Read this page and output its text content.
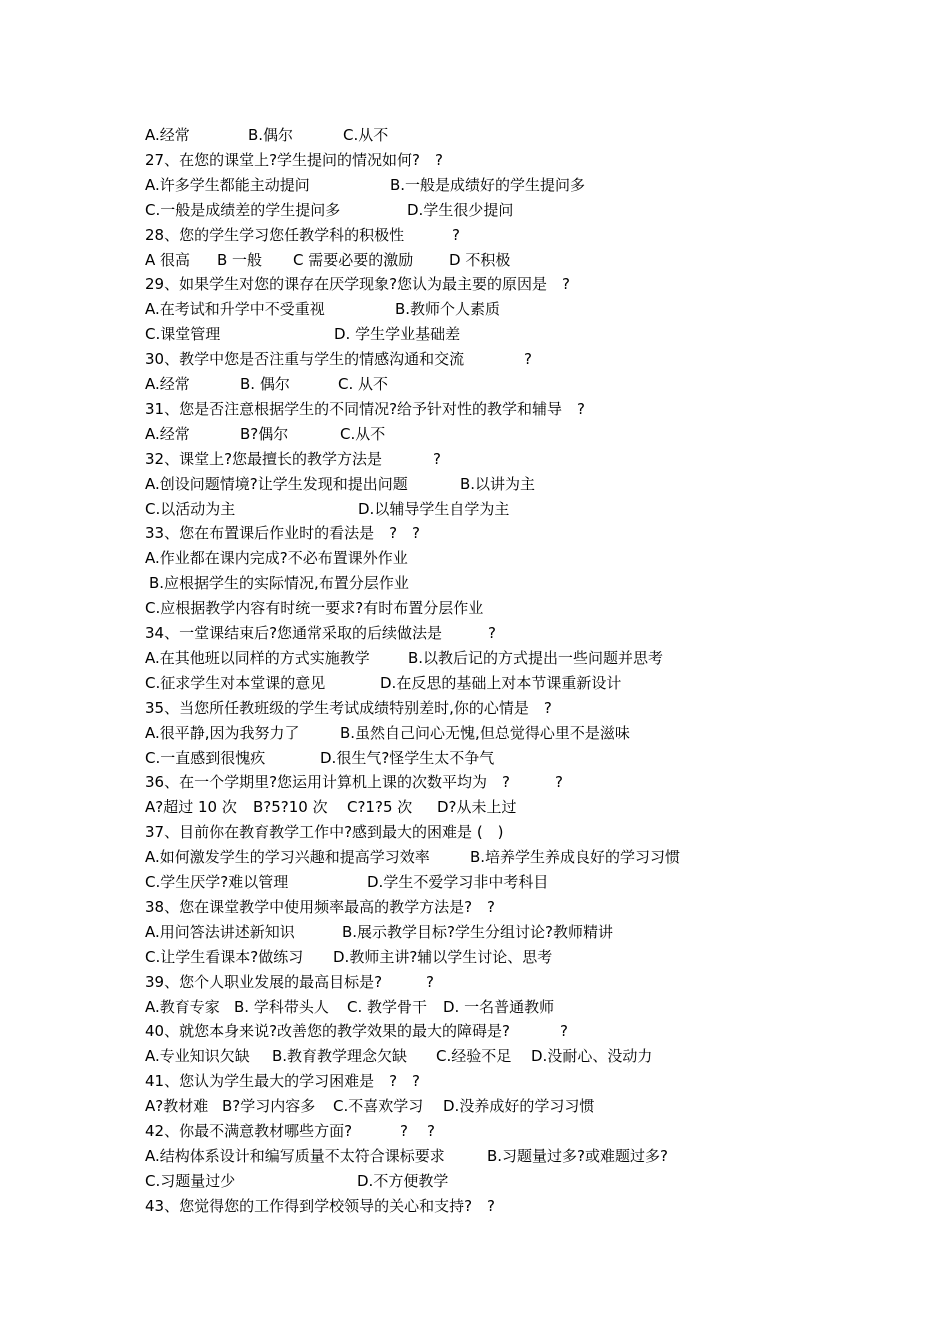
A.经常	B.偶尔	C.从不
27、在您的课堂上?学生提问的情况如何?　?
A.许多学生都能主动提问	B.一般是成绩好的学生提问多
C.一般是成绩差的学生提问多	D.学生很少提问
28、您的学生学习您任教学科的积极性	?
A 很高 B 一般 C 需要必要的激励 D 不积极
29、如果学生对您的课存在厌学现象?您认为最主要的原因是　?
A.在考试和升学中不受重视	B.教师个人素质
C.课堂管理	D. 学生学业基础差
30、教学中您是否注重与学生的情感沟通和交流	?
A.经常	B. 偶尔	C. 从不
31、您是否注意根据学生的不同情况?给予针对性的教学和辅导　?
A.经常	B?偶尔	C.从不
32、课堂上?您最擅长的教学方法是	?
A.创设问题情境?让学生发现和提出问题	B.以讲为主
C.以活动为主	D.以辅导学生自学为主
33、您在布置课后作业时的看法是　?　?
A.作业都在课内完成?不必布置课外作业
B.应根据学生的实际情况,布置分层作业
C.应根据教学内容有时统一要求?有时布置分层作业
34、一堂课结束后?您通常采取的后续做法是	?
A.在其他班以同样的方式实施教学	B.以教后记的方式提出一些问题并思考
C.征求学生对本堂课的意见	D.在反思的基础上对本节课重新设计
35、当您所任教班级的学生考试成绩特别差时,你的心情是　?
A.很平静,因为我努力了	B.虽然自己问心无愧,但总觉得心里不是滋味
C.一直感到很愧疚	D.很生气?怪学生太不争气
36、在一个学期里?您运用计算机上课的次数平均为　?	?
A?超过 10 次 B?5?10 次 C?1?5 次 D?从未上过
37、目前你在教育教学工作中?感到最大的困难是 (　)
A.如何激发学生的学习兴趣和提高学习效率	B.培养学生养成良好的学习习惯
C.学生厌学?难以管理	D.学生不爱学习非中考科目
38、您在课堂教学中使用频率最高的教学方法是?　?
A.用问答法讲述新知识	B.展示教学目标?学生分组讨论?教师精讲
C.让学生看课本?做练习 D.教师主讲?辅以学生讨论、思考
39、您个人职业发展的最高目标是?	?
A.教育专家 B. 学科带头人 C. 教学骨干 D. 一名普通教师
40、就您本身来说?改善您的教学效果的最大的障碍是?	?
A.专业知识欠缺 B.教育教学理念欠缺 C.经验不足 D.没耐心、没动力
41、您认为学生最大的学习困难是　?　?
A?教材难 B?学习内容多 C.不喜欢学习 D.没养成好的学习习惯
42、你最不满意教材哪些方面?	? ?
A.结构体系设计和编写质量不太符合课标要求	B.习题量过多?或难题过多?
C.习题量过少	D.不方便教学
43、您觉得您的工作得到学校领导的关心和支持?　?
